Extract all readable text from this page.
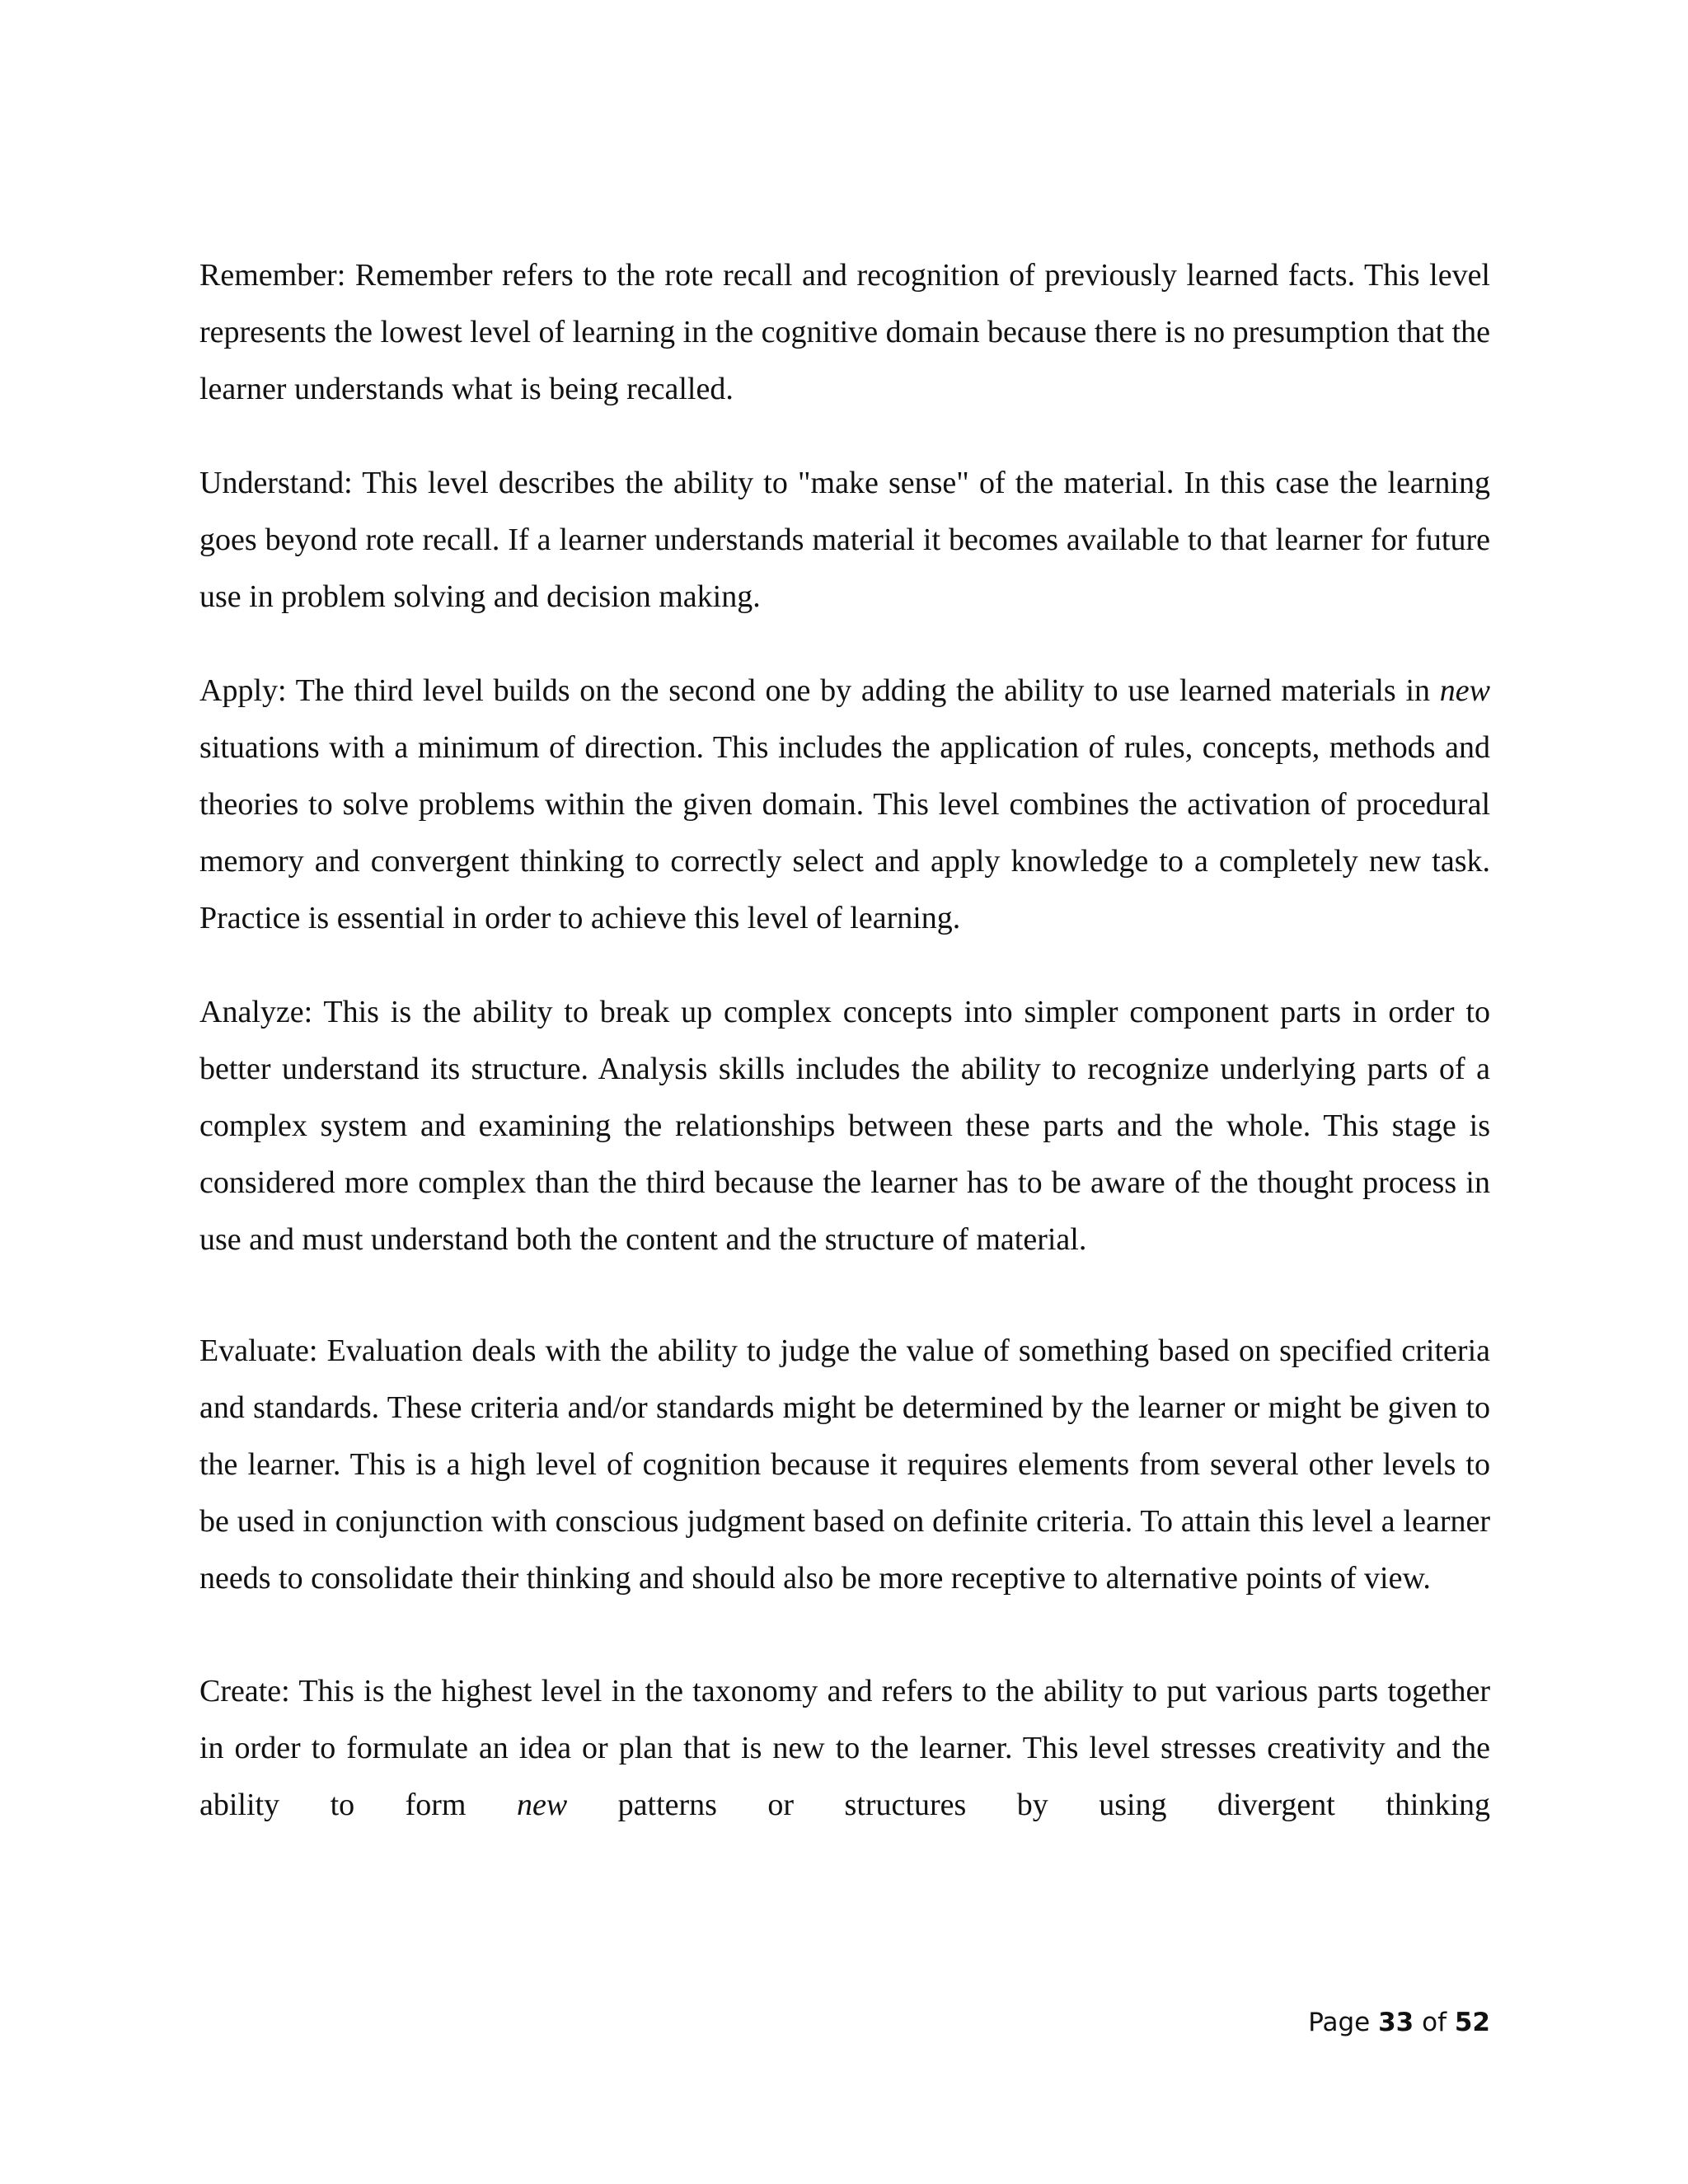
Remember: Remember refers to the rote recall and recognition of previously learned facts. This level represents the lowest level of learning in the cognitive domain because there is no presumption that the learner understands what is being recalled.

Understand: This level describes the ability to "make sense" of the material. In this case the learning goes beyond rote recall. If a learner understands material it becomes available to that learner for future use in problem solving and decision making.

Apply: The third level builds on the second one by adding the ability to use learned materials in new situations with a minimum of direction. This includes the application of rules, concepts, methods and theories to solve problems within the given domain. This level combines the activation of procedural memory and convergent thinking to correctly select and apply knowledge to a completely new task. Practice is essential in order to achieve this level of learning.

Analyze: This is the ability to break up complex concepts into simpler component parts in order to better understand its structure. Analysis skills includes the ability to recognize underlying parts of a complex system and examining the relationships between these parts and the whole. This stage is considered more complex than the third because the learner has to be aware of the thought process in use and must understand both the content and the structure of material.

Evaluate: Evaluation deals with the ability to judge the value of something based on specified criteria and standards. These criteria and/or standards might be determined by the learner or might be given to the learner. This is a high level of cognition because it requires elements from several other levels to be used in conjunction with conscious judgment based on definite criteria. To attain this level a learner needs to consolidate their thinking and should also be more receptive to alternative points of view.

Create: This is the highest level in the taxonomy and refers to the ability to put various parts together in order to formulate an idea or plan that is new to the learner. This level stresses creativity and the ability to form new patterns or structures by using divergent thinking

Page 33 of 52
